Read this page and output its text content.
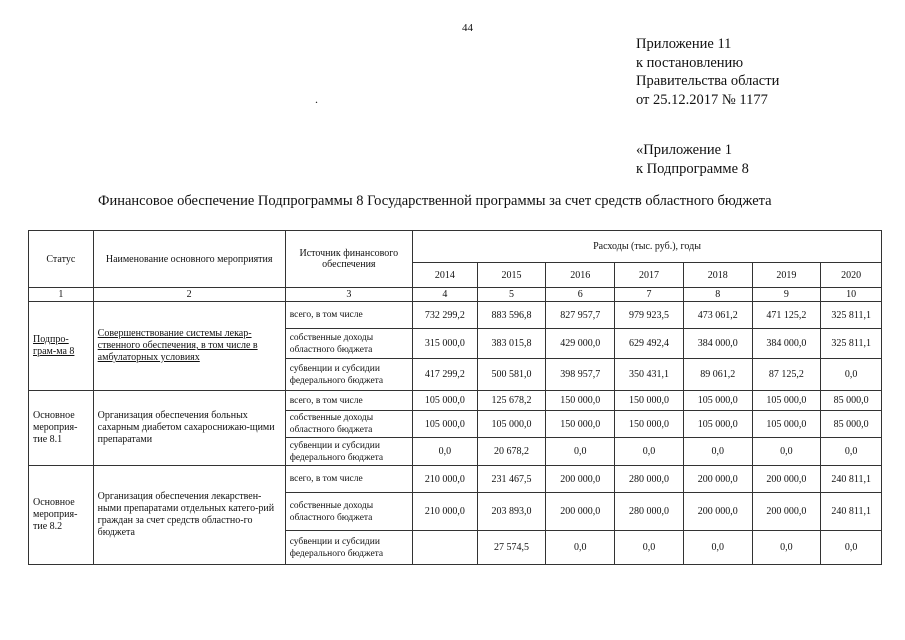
44
Приложение 11
к постановлению
Правительства области
от 25.12.2017 № 1177
.
«Приложение 1
к Подпрограмме 8
Финансовое обеспечение Подпрограммы 8 Государственной программы за счет средств областного бюджета
Статус	Наименование основного мероприятия	Источник финансового обеспечения	Расходы (тыс. руб.), годы						
			2014	2015	2016	2017	2018	2019	2020
1	2	3	4	5	6	7	8	9	10
Подпро-грам-ма 8	Совершенствование системы лекар-ственного обеспечения, в том числе в амбулаторных условиях	всего, в том числе	732 299,2	883 596,8	827 957,7	979 923,5	473 061,2	471 125,2	325 811,1
		собственные доходы областного бюджета	315 000,0	383 015,8	429 000,0	629 492,4	384 000,0	384 000,0	325 811,1
		субвенции и субсидии федерального бюджета	417 299,2	500 581,0	398 957,7	350 431,1	89 061,2	87 125,2	0,0
Основное мероприя-тие 8.1	Организация обеспечения больных сахарным диабетом сахароснижаю-щими препаратами	всего, в том числе	105 000,0	125 678,2	150 000,0	150 000,0	105 000,0	105 000,0	85 000,0
		собственные доходы областного бюджета	105 000,0	105 000,0	150 000,0	150 000,0	105 000,0	105 000,0	85 000,0
		субвенции и субсидии федерального бюджета	0,0	20 678,2	0,0	0,0	0,0	0,0	0,0
Основное мероприя-тие 8.2	Организация обеспечения лекарствен-ными препаратами отдельных катего-рий граждан за счет средств областно-го бюджета	всего, в том числе	210 000,0	231 467,5	200 000,0	280 000,0	200 000,0	200 000,0	240 811,1
		собственные доходы областного бюджета	210 000,0	203 893,0	200 000,0	280 000,0	200 000,0	200 000,0	240 811,1
		субвенции и субсидии федерального бюджета		27 574,5	0,0	0,0	0,0	0,0	0,0
